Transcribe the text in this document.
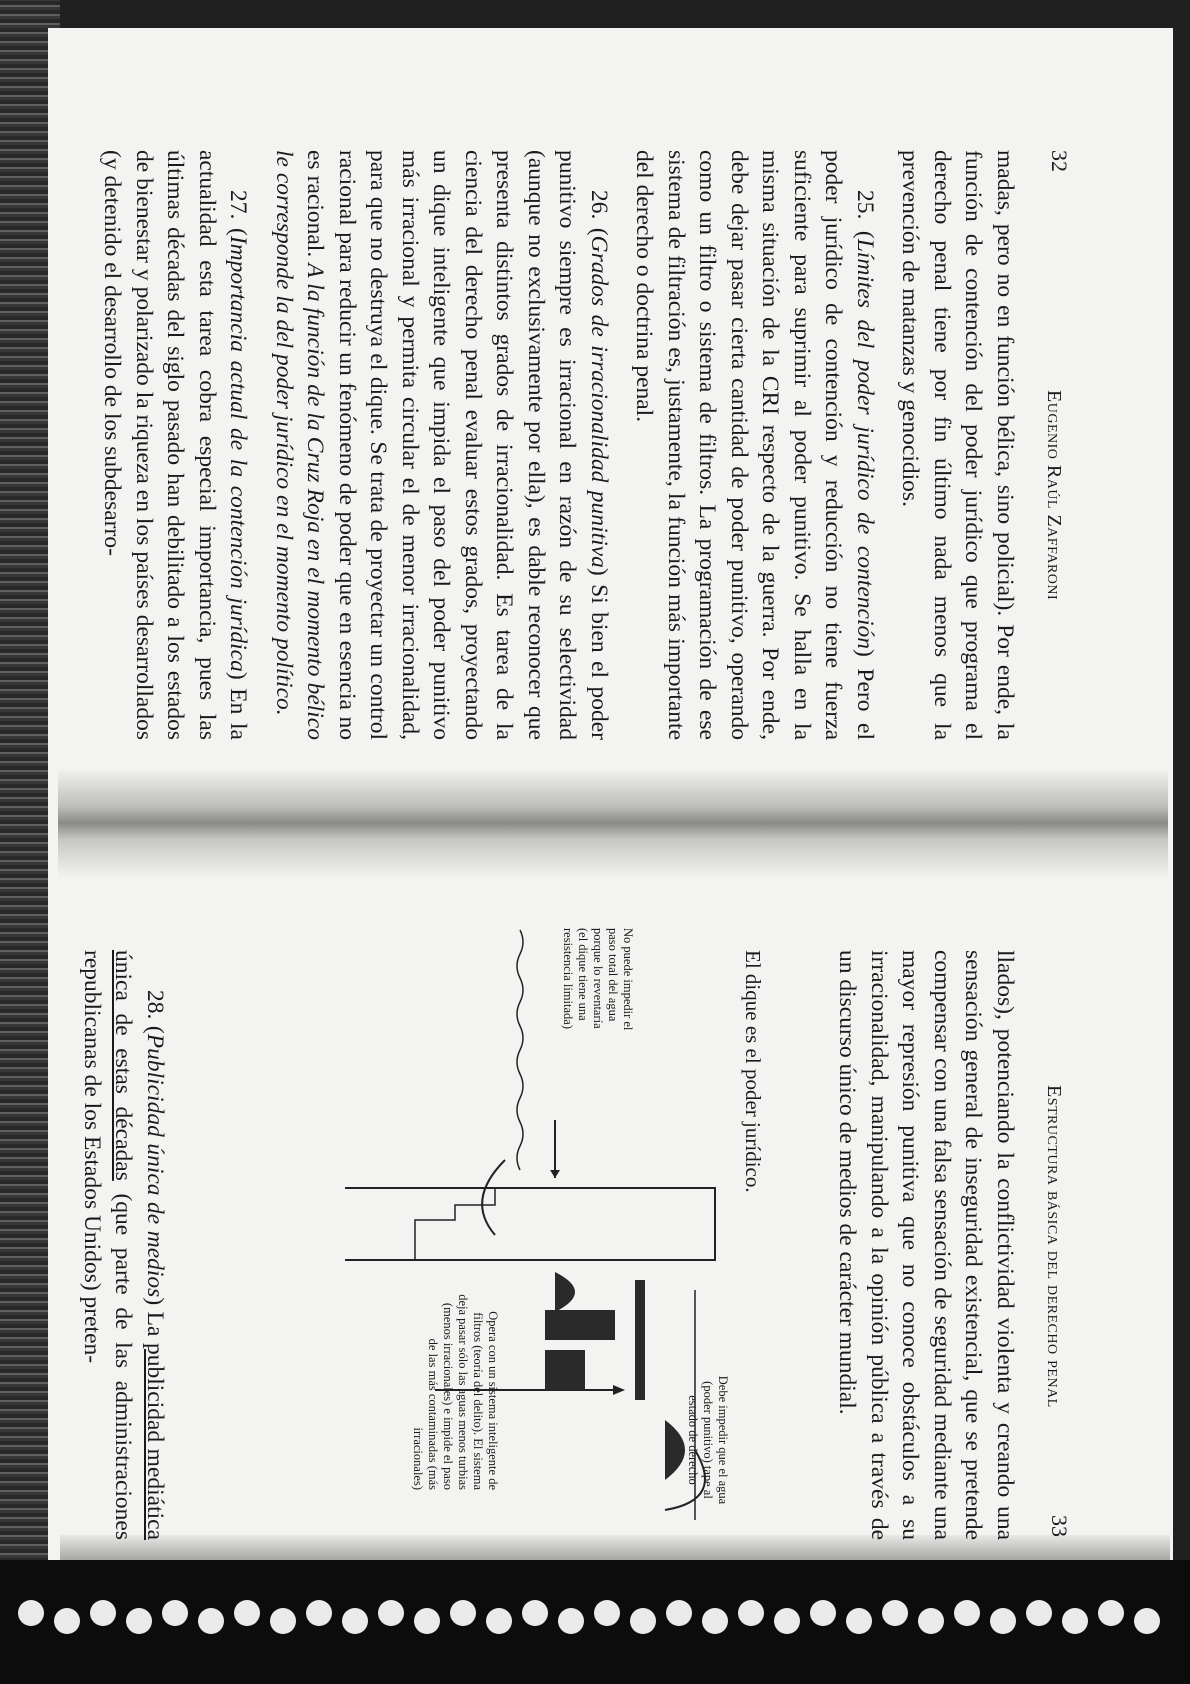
32
Eugenio Raúl Zaffaroni

madas, pero no en función bélica, sino policial). Por ende, la función de contención del poder jurídico que programa el derecho penal tiene por fin último nada menos que la prevención de matanzas y genocidios.

25. (Límites del poder jurídico de contención) Pero el poder jurídico de contención y reducción no tiene fuerza suficiente para suprimir al poder punitivo. Se halla en la misma situación de la CRI respecto de la guerra. Por ende, debe dejar pasar cierta cantidad de poder punitivo, operando como un filtro o sistema de filtros. La programación de ese sistema de filtración es, justamente, la función más importante del derecho o doctrina penal.

26. (Grados de irracionalidad punitiva) Si bien el poder punitivo siempre es irracional en razón de su selectividad (aunque no exclusivamente por ella), es dable reconocer que presenta distintos grados de irracionalidad. Es tarea de la ciencia del derecho penal evaluar estos grados, proyectando un dique inteligente que impida el paso del poder punitivo más irracional y permita circular el de menor irracionalidad, para que no destruya el dique. Se trata de proyectar un control racional para reducir un fenómeno de poder que en esencia no es racional. A la función de la Cruz Roja en el momento bélico le corresponde la del poder jurídico en el momento político.

27. (Importancia actual de la contención jurídica) En la actualidad esta tarea cobra especial importancia, pues las últimas décadas del siglo pasado han debilitado a los estados de bienestar y polarizado la riqueza en los países desarrollados (y detenido el desarrollo de los subdesarro-

Estructura básica del derecho penal
33

llados), potenciando la conflictividad violenta y creando una sensación general de inseguridad existencial, que se pretende compensar con una falsa sensación de seguridad mediante una mayor represión punitiva que no conoce obstáculos a su irracionalidad, manipulando a la opinión pública a través de un discurso único de medios de carácter mundial.

El dique es el poder jurídico.
No puede impedir el paso total del agua porque lo reventaría (el dique tiene una resistencia limitada)
Debe impedir que el agua (poder punitivo) tape al estado de derecho
Opera con un sistema inteligente de filtros (teoría del delito). El sistema deja pasar sólo las aguas menos turbias (menos irracionales) e impide el paso de las más contaminadas (más irracionales)

28. (Publicidad única de medios) La publicidad mediática única de estas décadas (que parte de las administraciones republicanas de los Estados Unidos) preten-
